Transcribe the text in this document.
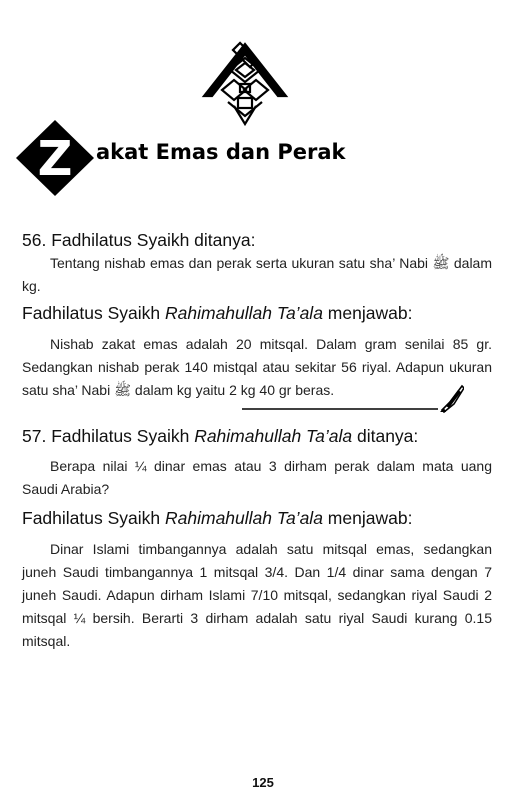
Z akat Emas dan Perak

56. Fadhilatus Syaikh ditanya:

Tentang nishab emas dan perak serta ukuran satu sha’ Nabi ﷺ dalam kg.

Fadhilatus Syaikh Rahimahullah Ta’ala menjawab:

Nishab zakat emas adalah 20 mitsqal. Dalam gram senilai 85 gr. Sedangkan nishab perak 140 mistqal atau sekitar 56 riyal. Adapun ukuran satu sha’ Nabi ﷺ dalam kg yaitu 2 kg 40 gr beras.

57. Fadhilatus Syaikh Rahimahullah Ta’ala ditanya:

Berapa nilai ¼ dinar emas atau 3 dirham perak dalam mata uang Saudi Arabia?

Fadhilatus Syaikh Rahimahullah Ta’ala menjawab:

Dinar Islami timbangannya adalah satu mitsqal emas, sedangkan juneh Saudi timbangannya 1 mitsqal 3/4. Dan 1/4 dinar sama dengan 7 juneh Saudi. Adapun dirham Islami 7/10 mitsqal, sedangkan riyal Saudi 2 mitsqal ¼ bersih. Berarti 3 dirham adalah satu riyal Saudi kurang 0.15 mitsqal.

125
